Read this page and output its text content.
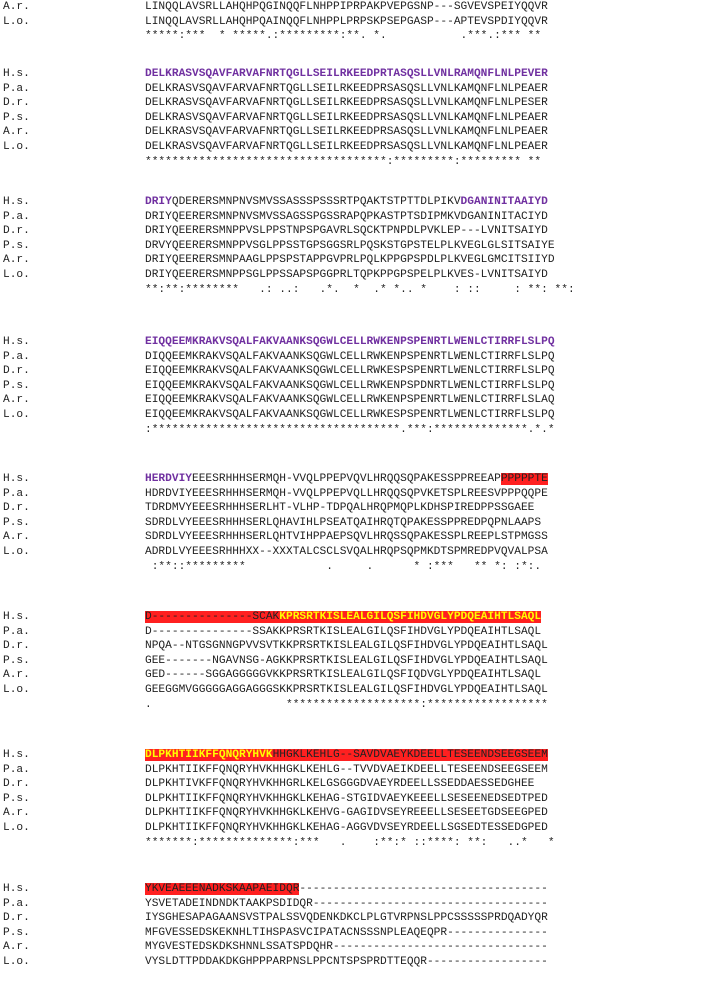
A.r.	LINQQLAVSRLLAHQHPQGINQQFLNHPPIPRPAKPVEPGSNP---SGVEVSPEIYQQVR
L.o.	LINQQLAVSRLLAHQHPQAINQQFLNHPPLPRPSKPSEPGASP---APTEVSPDIYQQVR
*****:***  * *****.:*********:**. *.           .***.:*** **
H.s.	DELKRASVSQAVFARVAFNRTQGLLSEILRKEEDPRTASQSLLVNLRAMQNFLNLPEVER
P.a.	DELKRASVSQAVFARVAFNRTQGLLSEILRKEEDPRSASQSLLVNLKAMQNFLNLPEAER
D.r.	DELKRASVSQAVFARVAFNRTQGLLSEILRKEEDPRSASQSLLVNLKAMQNFLNLPESER
P.s.	DELKRASVSQAVFARVAFNRTQGLLSEILRKEEDPRSASQSLLVNLKAMQNFLNLPEAER
A.r.	DELKRASVSQAVFARVAFNRTQGLLSEILRKEEDPRSASQSLLVNLKAMQNFLNLPEAER
L.o.	DELKRASVSQAVFARVAFNRTQGLLSEILRKEEDPRSASQSLLVNLKAMQNFLNLPEAER
************************************:*********:********* **
H.s.	DRIYQDERERSMNPNVSMVSSASSSPSSSRTPQAKTSTPTTDLPIKVDGANINITAAIYD
P.a.	DRIYQEERERSMNPNVSMVSSAGSSPGSSRAPQPKASTPTSDIPMKVDGANINITACIYD
D.r.	DRIYQEERERSMNPPVSLPPSTNPSPGAVRLSQCKTPNPDLPVKLEP---LVNITSAIYD
P.s.	DRVYQEERERSMNPPVSGLPPSSTGPSGGSRLPQSKSTGPSTELPLKVEGLGLSITSAIYE
A.r.	DRIYQEERERSMNPAAGLPPSPSTAPPGVPRLPQLKPPGPSPDLPLKVEGLGMCITSIIYD
L.o.	DRIYQEERERSMNPPSGLPPSSAPSPGGPRLTQPKPPGPSPELPLKVES-LVNITSAIYD
**:**:********   .: ..:   .*.  *  .* *.. *    : ::     : **: **:
H.s.	EIQQEEMKRAKVSQALFAKVAANKSQGWLCELLRWKENPSPENRTLWENLCTIRRFLSLPQ
P.a.	DIQQEEMKRAKVSQALFAKVAANKSQGWLCELLRWKENPSPENRTLWENLCTIRRFLSLPQ
D.r.	EIQQEEMKRAKVSQALFAKVAANKSQGWLCELLRWKESPSPENRTLWENLCTIRRFLSLPQ
P.s.	EIQQEEMKRAKVSQALFAKVAANKSQGWLCELLRWKENPSPDNRTLWENLCTIRRFLSLPQ
A.r.	EIQQEEMKRAKVSQALFAKVAANKSQGWLCELLRWKENPSPENRTLWENLCTIRRFLSLAQ
L.o.	EIQQEEMKRAKVSQALFAKVAANKSQGWLCELLRWKESPSPENRTLWENLCTIRRFLSLPQ
:*************************************.***:**************.*.*
H.s.	HERDVIYEEESRHHHSERMQH-VVQLPPEPVQVLHRQQSQPAKESSPPREEAPPPPPPTE
P.a.	HDRDVIYEEESRHHHSERMQH-VVQLPPEPVQLLHRQQSQPVKETSPLREESVPPPQQPE
D.r.	TDRDMVYEEESRHHHSERLHT-VLHP-TDPQALHRQPMQPLKDHSPIREDPPSSGAEE
P.s.	SDRDLVYEEESRHHHSERLQHAVIHLPSEATQAIHRQTQPAKESSPPREDPQPNLAAPS
A.r.	SDRDLVYEEESRHHHSERLQHTVIHPPAEPSQVLHRQSSQPAKESSPLREEPLSTPMGSS
L.o.	ADRDLVYEEESRHHHXX--XXXTALCSCLSVQALHRQPSQPMKDTSPMREDPVQVALPSA
:**::*********            .     .      * :***   ** *: :*:.
H.s.	D---------------SCAKKPRSRTKISLEALGILQSFIHDVGLYPDQEAIHTLSAQL
P.a.	D---------------SSAKKPRSRTKISLEALGILQSFIHDVGLYPDQEAIHTLSAQL
D.r.	NPQA--NTGSGNNGPVVSVTKKPRSRTKISLEALGILQSFIHDVGLYPDQEAIHTLSAQL
P.s.	GEE-------NGAVNSG-AGKKPRSRTKISLEALGILQSFIHDVGLYPDQEAIHTLSAQL
A.r.	GED------SGGAGGGGGVKKPRSRTKISLEALGILQSFIQDVGLYPDQEAIHTLSAQL
L.o.	GEEGGMVGGGGGAGGAGGGSKKPRSRTKISLEALGILQSFIHDVGLYPDQEAIHTLSAQL
.                    ********************:******************
H.s.	DLPKHTIIKFFQNQRYHVKHHGKLKEHLG--SAVDVAEYKDEELLTESEENDSEEGSEEM
P.a.	DLPKHTIIKFFQNQRYHVKHHGKLKEHLG--TVVDVAEIKDEELLTESEENDSEEGSEEM
D.r.	DLPKHTIVKFFQNQRYHVKHHGRLKELGSGGGDVAEYRDEELLSSEDDAESSEDGHEE
P.s.	DLPKHTIIKFFQNQRYHVKHHGKLKEHAG-STGIDVAEYKEEELLSESEENEDSEDTPED
A.r.	DLPKHTIIKFFQNQRYHVKHHGKLKEHVG-GAGIDVSEYREEELLSESEETGDSEEGPED
L.o.	DLPKHTIIKFFQNQRYHVKHHGKLKEHAG-AGGVDVSEYRDEELLSGSEDTESSEDGPED
*******:**************:***   .    :**:* ::****: **:   ..*   *
H.s.	YKVEAEEENADKSKAAPAEIDQR-------------------------------------
P.a.	YSVETADEINDNDKTAAKPSDIDQR-----------------------------------
D.r.	IYSGHESAPAGAANSVSTPALSSVQDENKDKCLPLGTVRPNSLPPCSSSSSPRDQADYQR
P.s.	MFGVESSEDSKEKNHLTIHSPASVCIPATACNSSSNPLEAQEQPR---------------
A.r.	MYGVESTEDSKDKSHNNLSSATSPDQHR--------------------------------
L.o.	VYSLDTTPDDAKDKGHPPPARPNSLPPCNTSPSPRDTTEQQR------------------
